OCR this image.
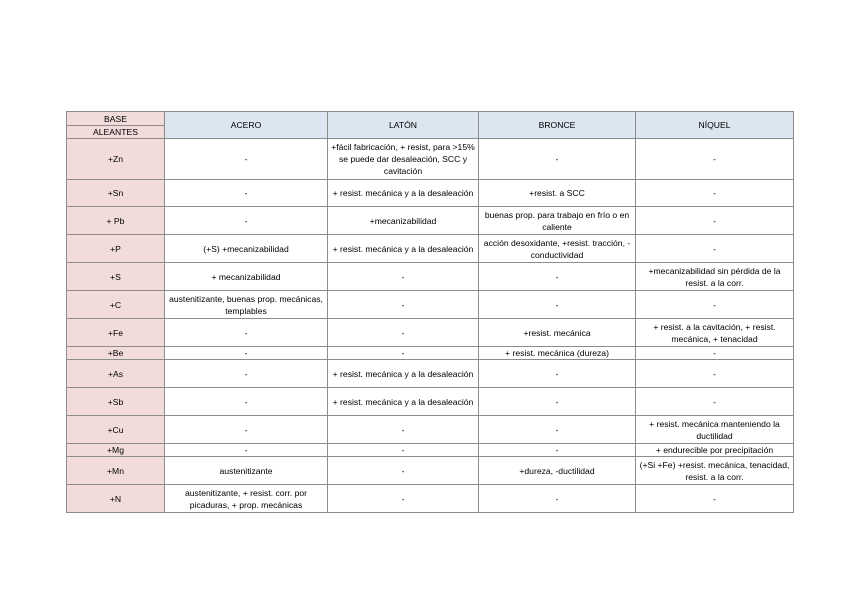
BASE	ACERO	LATÓN	BRONCE	NÍQUEL
ALEANTES				
+Zn	-	+fácil fabricación, + resist, para >15% se puede dar desaleación, SCC y cavitación	-	-
+Sn	-	+ resist. mecánica y a la desaleación	+resist. a SCC	-
+ Pb	-	+mecanizabilidad	buenas prop. para trabajo en frío o en caliente	-
+P	(+S) +mecanizabilidad	+ resist. mecánica y a la desaleación	acción desoxidante, +resist. tracción, -conductividad	-
+S	+ mecanizabilidad	-	-	+mecanizabilidad sin pérdida de la resist. a la corr.
+C	austenitizante, buenas prop. mecánicas, templables	-	-	-
+Fe	-	-	+resist. mecánica	+ resist. a la cavitación, + resist. mecánica, + tenacidad
+Be	-	-	+ resist. mecánica (dureza)	-
+As	-	+ resist. mecánica y a la desaleación	-	-
+Sb	-	+ resist. mecánica y a la desaleación	-	-
+Cu	-	-	-	+ resist. mecánica manteniendo la ductilidad
+Mg	-	-	-	+ endurecible por precipitación
+Mn	austenitizante	-	+dureza, -ductilidad	(+Si +Fe) +resist. mecánica, tenacidad, resist. a la corr.
+N	austenitizante, + resist. corr. por picaduras, + prop. mecánicas	-	-	-
